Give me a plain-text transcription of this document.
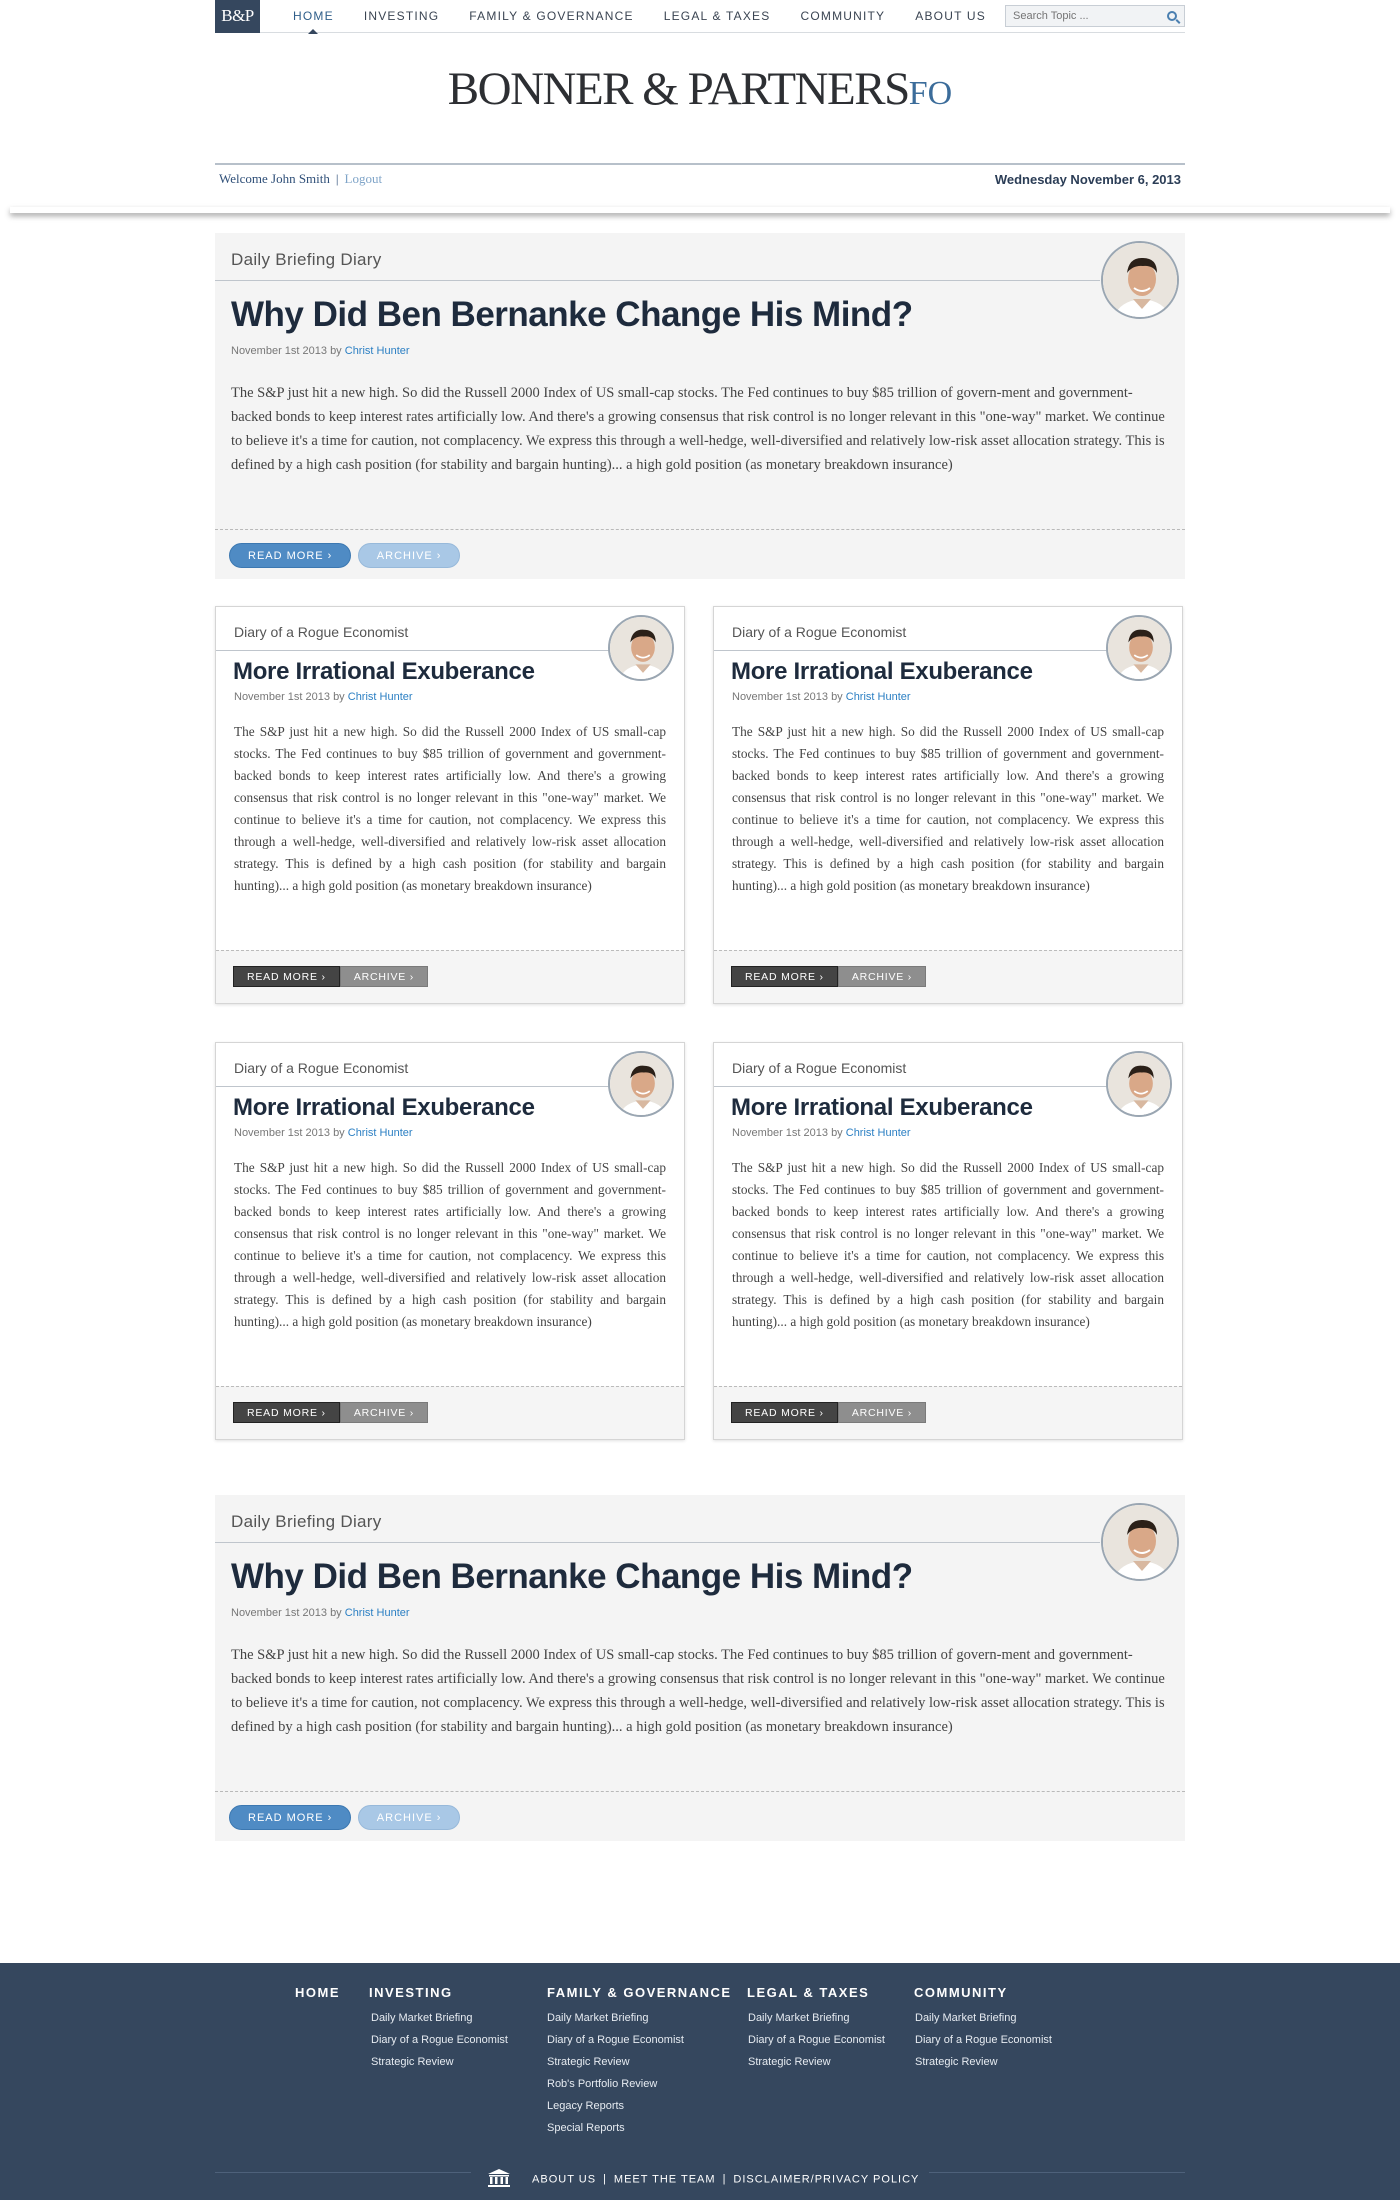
B&P	HOME	INVESTING	FAMILY & GOVERNANCE	LEGAL & TAXES	COMMUNITY	ABOUT US
Search Topic ...
BONNER & PARTNERSFO
Welcome John Smith | Logout	Wednesday November 6, 2013
Daily Briefing Diary
Why Did Ben Bernanke Change His Mind?
November 1st 2013 by Christ Hunter
The S&P just hit a new high. So did the Russell 2000 Index of US small-cap stocks. The Fed continues to buy $85 trillion of govern-ment and government-backed bonds to keep interest rates artificially low. And there's a growing consensus that risk control is no longer relevant in this "one-way" market. We continue to believe it's a time for caution, not complacency. We express this through a well-hedge, well-diversified and relatively low-risk asset allocation strategy. This is defined by a high cash position (for stability and bargain hunting)... a high gold position (as monetary breakdown insurance)
READ MORE ›	ARCHIVE ›
Diary of a Rogue Economist
More Irrational Exuberance
November 1st 2013 by Christ Hunter
The S&P just hit a new high. So did the Russell 2000 Index of US small-cap stocks. The Fed continues to buy $85 trillion of government and government-backed bonds to keep interest rates artificially low. And there's a growing consensus that risk control is no longer relevant in this "one-way" market. We continue to believe it's a time for caution, not complacency. We express this through a well-hedge, well-diversified and relatively low-risk asset allocation strategy. This is defined by a high cash position (for stability and bargain hunting)... a high gold position (as monetary breakdown insurance)
READ MORE ›	ARCHIVE ›
Diary of a Rogue Economist
More Irrational Exuberance
November 1st 2013 by Christ Hunter
The S&P just hit a new high. So did the Russell 2000 Index of US small-cap stocks. The Fed continues to buy $85 trillion of government and government-backed bonds to keep interest rates artificially low. And there's a growing consensus that risk control is no longer relevant in this "one-way" market. We continue to believe it's a time for caution, not complacency. We express this through a well-hedge, well-diversified and relatively low-risk asset allocation strategy. This is defined by a high cash position (for stability and bargain hunting)... a high gold position (as monetary breakdown insurance)
READ MORE ›	ARCHIVE ›
Diary of a Rogue Economist
More Irrational Exuberance
November 1st 2013 by Christ Hunter
The S&P just hit a new high. So did the Russell 2000 Index of US small-cap stocks. The Fed continues to buy $85 trillion of government and government-backed bonds to keep interest rates artificially low. And there's a growing consensus that risk control is no longer relevant in this "one-way" market. We continue to believe it's a time for caution, not complacency. We express this through a well-hedge, well-diversified and relatively low-risk asset allocation strategy. This is defined by a high cash position (for stability and bargain hunting)... a high gold position (as monetary breakdown insurance)
READ MORE ›	ARCHIVE ›
Diary of a Rogue Economist
More Irrational Exuberance
November 1st 2013 by Christ Hunter
The S&P just hit a new high. So did the Russell 2000 Index of US small-cap stocks. The Fed continues to buy $85 trillion of government and government-backed bonds to keep interest rates artificially low. And there's a growing consensus that risk control is no longer relevant in this "one-way" market. We continue to believe it's a time for caution, not complacency. We express this through a well-hedge, well-diversified and relatively low-risk asset allocation strategy. This is defined by a high cash position (for stability and bargain hunting)... a high gold position (as monetary breakdown insurance)
READ MORE ›	ARCHIVE ›
Daily Briefing Diary
Why Did Ben Bernanke Change His Mind?
November 1st 2013 by Christ Hunter
The S&P just hit a new high. So did the Russell 2000 Index of US small-cap stocks. The Fed continues to buy $85 trillion of govern-ment and government-backed bonds to keep interest rates artificially low. And there's a growing consensus that risk control is no longer relevant in this "one-way" market. We continue to believe it's a time for caution, not complacency. We express this through a well-hedge, well-diversified and relatively low-risk asset allocation strategy. This is defined by a high cash position (for stability and bargain hunting)... a high gold position (as monetary breakdown insurance)
READ MORE ›	ARCHIVE ›
HOME INVESTING
Daily Market Briefing
Diary of a Rogue Economist
Strategic Review
FAMILY & GOVERNANCE
Daily Market Briefing
Diary of a Rogue Economist
Strategic Review
Rob's Portfolio Review
Legacy Reports
Special Reports
LEGAL & TAXES
Daily Market Briefing
Diary of a Rogue Economist
Strategic Review
COMMUNITY
Daily Market Briefing
Diary of a Rogue Economist
Strategic Review
ABOUT US | MEET THE TEAM | DISCLAIMER/PRIVACY POLICY
